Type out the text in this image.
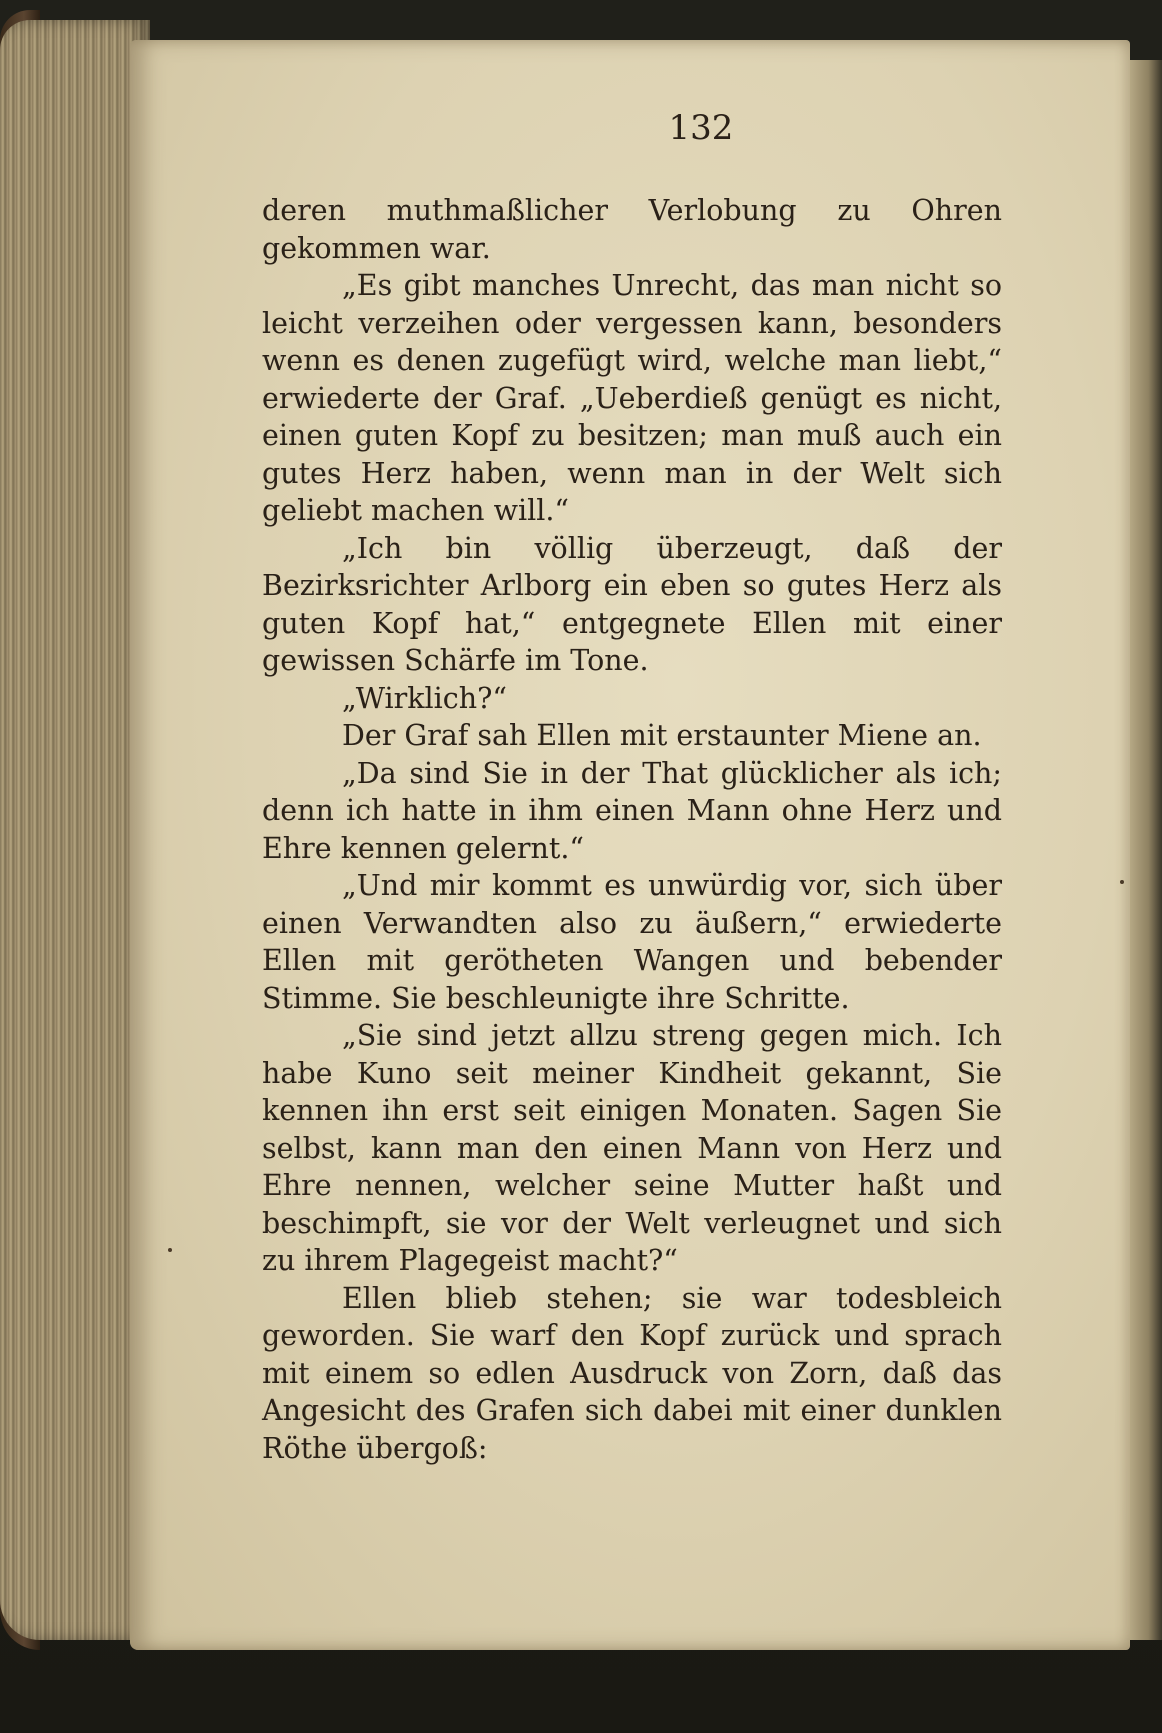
132

deren muthmaßlicher Verlobung zu Ohren gekommen war.

„Es gibt manches Unrecht, das man nicht so leicht verzeihen oder vergessen kann, besonders wenn es denen zugefügt wird, welche man liebt,“ erwiederte der Graf. „Ueberdieß genügt es nicht, einen guten Kopf zu besitzen; man muß auch ein gutes Herz haben, wenn man in der Welt sich geliebt machen will.“

„Ich bin völlig überzeugt, daß der Bezirksrichter Arlborg ein eben so gutes Herz als guten Kopf hat,“ entgegnete Ellen mit einer gewissen Schärfe im Tone.

„Wirklich?“

Der Graf sah Ellen mit erstaunter Miene an.

„Da sind Sie in der That glücklicher als ich; denn ich hatte in ihm einen Mann ohne Herz und Ehre kennen gelernt.“

„Und mir kommt es unwürdig vor, sich über einen Verwandten also zu äußern,“ erwiederte Ellen mit gerötheten Wangen und bebender Stimme. Sie beschleunigte ihre Schritte.

„Sie sind jetzt allzu streng gegen mich. Ich habe Kuno seit meiner Kindheit gekannt, Sie kennen ihn erst seit einigen Monaten. Sagen Sie selbst, kann man den einen Mann von Herz und Ehre nennen, welcher seine Mutter haßt und beschimpft, sie vor der Welt verleugnet und sich zu ihrem Plagegeist macht?“

Ellen blieb stehen; sie war todesbleich geworden. Sie warf den Kopf zurück und sprach mit einem so edlen Ausdruck von Zorn, daß das Angesicht des Grafen sich dabei mit einer dunklen Röthe übergoß:
